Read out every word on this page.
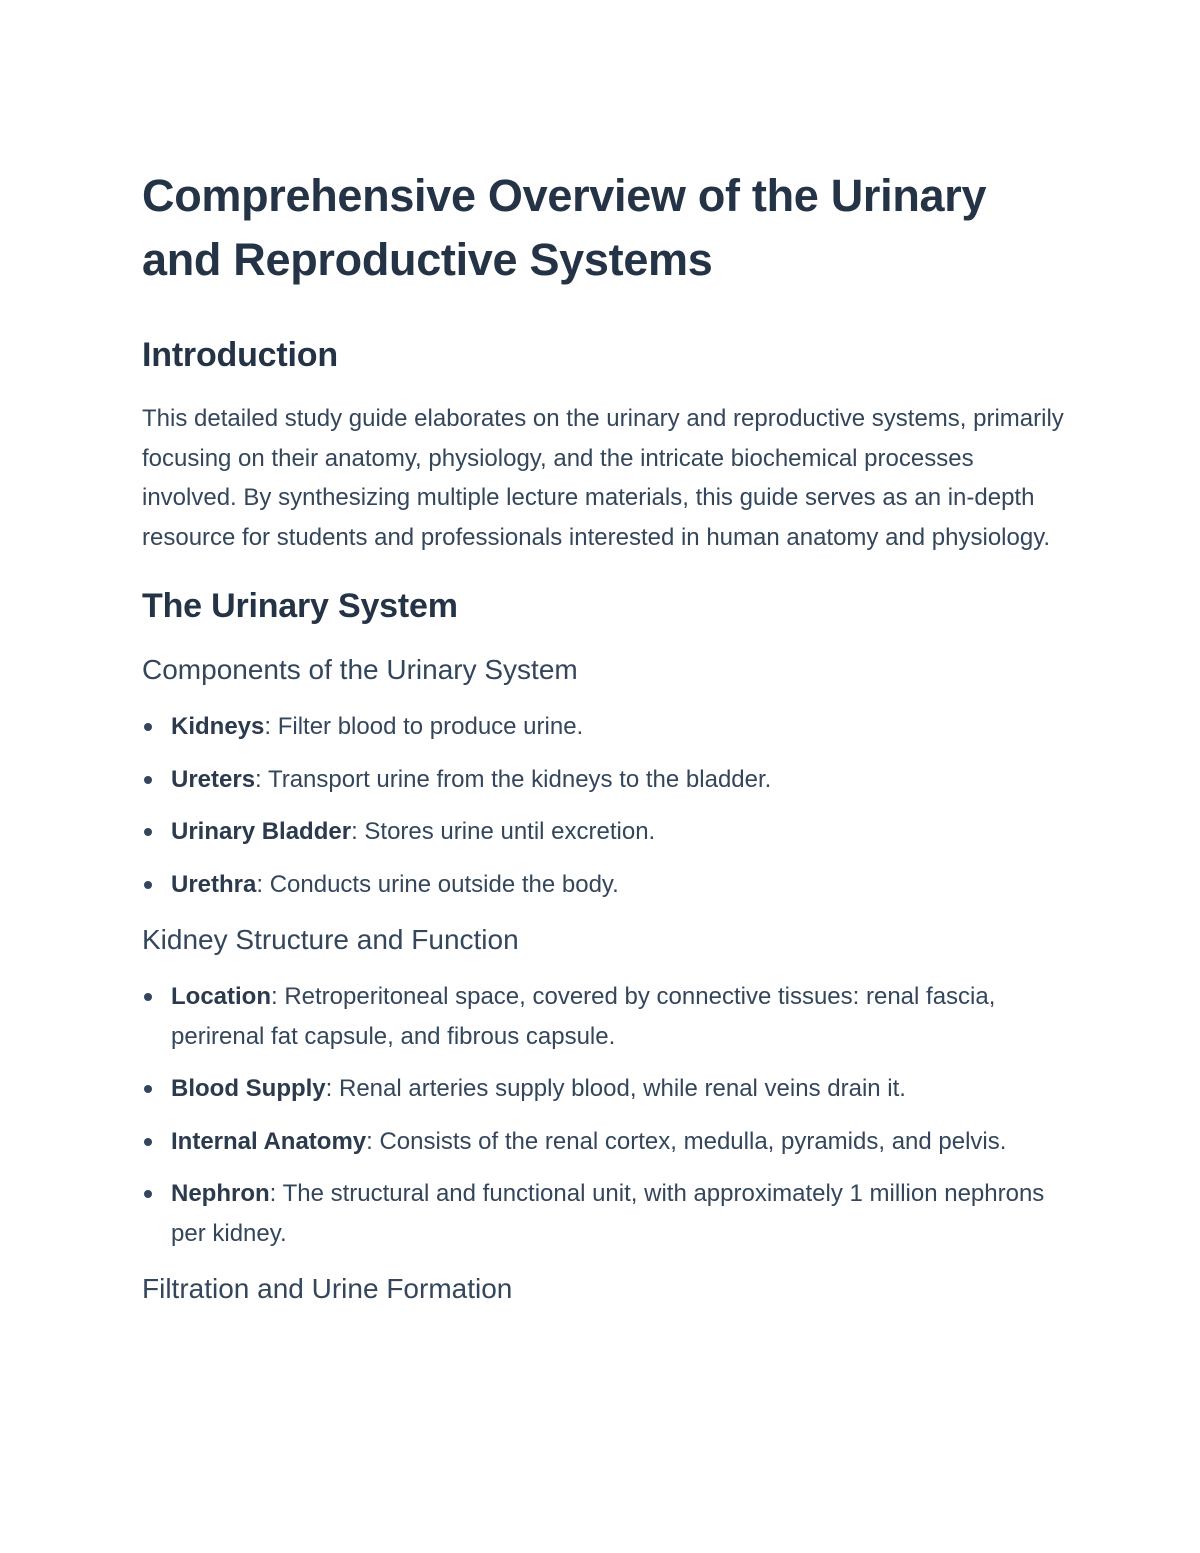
Comprehensive Overview of the Urinary
and Reproductive Systems
Introduction

This detailed study guide elaborates on the urinary and reproductive systems, primarily focusing on their anatomy, physiology, and the intricate biochemical processes involved. By synthesizing multiple lecture materials, this guide serves as an in-depth resource for students and professionals interested in human anatomy and physiology.

The Urinary System
Components of the Urinary System
Kidneys: Filter blood to produce urine.
Ureters: Transport urine from the kidneys to the bladder.
Urinary Bladder: Stores urine until excretion.
Urethra: Conducts urine outside the body.
Kidney Structure and Function
Location: Retroperitoneal space, covered by connective tissues: renal fascia, perirenal fat capsule, and fibrous capsule.
Blood Supply: Renal arteries supply blood, while renal veins drain it.
Internal Anatomy: Consists of the renal cortex, medulla, pyramids, and pelvis.
Nephron: The structural and functional unit, with approximately 1 million nephrons per kidney.
Filtration and Urine Formation
